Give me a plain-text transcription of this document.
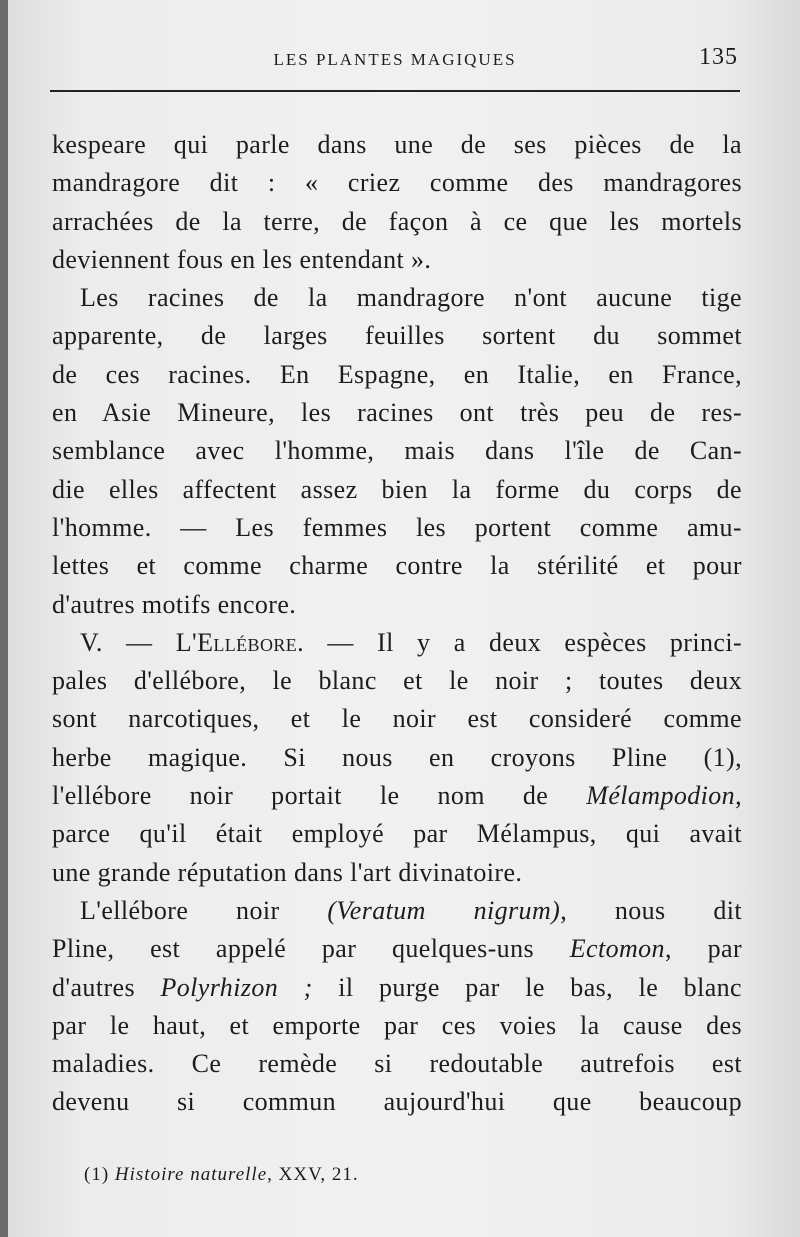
LES PLANTES MAGIQUES	135
kespeare qui parle dans une de ses pièces de la
mandragore dit : « criez comme des mandragores
arrachées de la terre, de façon à ce que les mortels
deviennent fous en les entendant ».
Les racines de la mandragore n'ont aucune tige
apparente, de larges feuilles sortent du sommet
de ces racines. En Espagne, en Italie, en France,
en Asie Mineure, les racines ont très peu de res-
semblance avec l'homme, mais dans l'île de Can-
die elles affectent assez bien la forme du corps de
l'homme. — Les femmes les portent comme amu-
lettes et comme charme contre la stérilité et pour
d'autres motifs encore.
V. — L'Ellébore. — Il y a deux espèces princi-
pales d'ellébore, le blanc et le noir ; toutes deux
sont narcotiques, et le noir est consideré comme
herbe magique. Si nous en croyons Pline (1),
l'ellébore noir portait le nom de Mélampodion,
parce qu'il était employé par Mélampus, qui avait
une grande réputation dans l'art divinatoire.
L'ellébore noir (Veratum nigrum), nous dit
Pline, est appelé par quelques-uns Ectomon, par
d'autres Polyrhizon ; il purge par le bas, le blanc
par le haut, et emporte par ces voies la cause des
maladies. Ce remède si redoutable autrefois est
devenu si commun aujourd'hui que beaucoup
(1) Histoire naturelle, XXV, 21.
